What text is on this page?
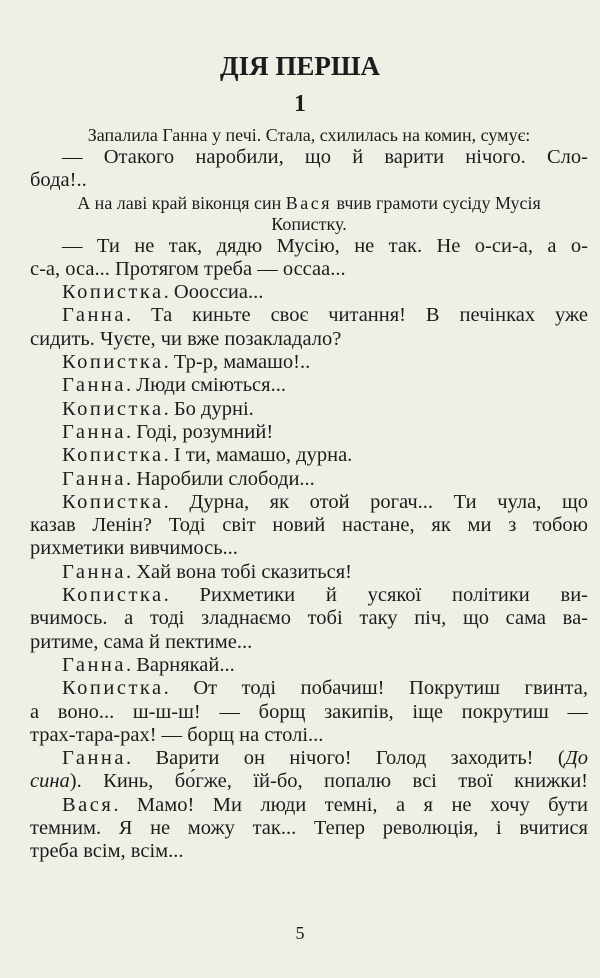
ДІЯ ПЕРША
1
Запалила Ганна у печі. Стала, схилилась на комин, сумує:
— Отакого наробили, що й варити нічого. Сло-
бода!..
А на лаві край віконця син Вася вчив грамоти сусіду Мусія
Копистку.
— Ти не так, дядю Мусію, не так. Не о-си-а, а о-
с-а, оса... Протягом треба — оссаа...
Копистка. Оооссиа...
Ганна. Та киньте своє читання! В печінках уже
сидить. Чуєте, чи вже позакладало?
Копистка. Тр-р, мамашо!..
Ганна. Люди сміються...
Копистка. Бо дурні.
Ганна. Годі, розумний!
Копистка. І ти, мамашо, дурна.
Ганна. Наробили слободи...
Копистка. Дурна, як отой рогач... Ти чула, що
казав Ленін? Тоді світ новий настане, як ми з тобою
рихметики вивчимось...
Ганна. Хай вона тобі сказиться!
Копистка. Рихметики й усякої політики ви-
вчимось. а тоді зладнаємо тобі таку піч, що сама ва-
ритиме, сама й пектиме...
Ганна. Варнякай...
Копистка. От тоді побачиш! Покрутиш гвинта,
а воно... ш-ш-ш! — борщ закипів, іще покрутиш —
трах-тара-рах! — борщ на столі...
Ганна. Варити он нічого! Голод заходить! (До
сина). Кинь, бо́гже, їй-бо, попалю всі твої книжки!
Вася. Мамо! Ми люди темні, а я не хочу бути
темним. Я не можу так... Тепер революція, і вчитися
треба всім, всім...
5
